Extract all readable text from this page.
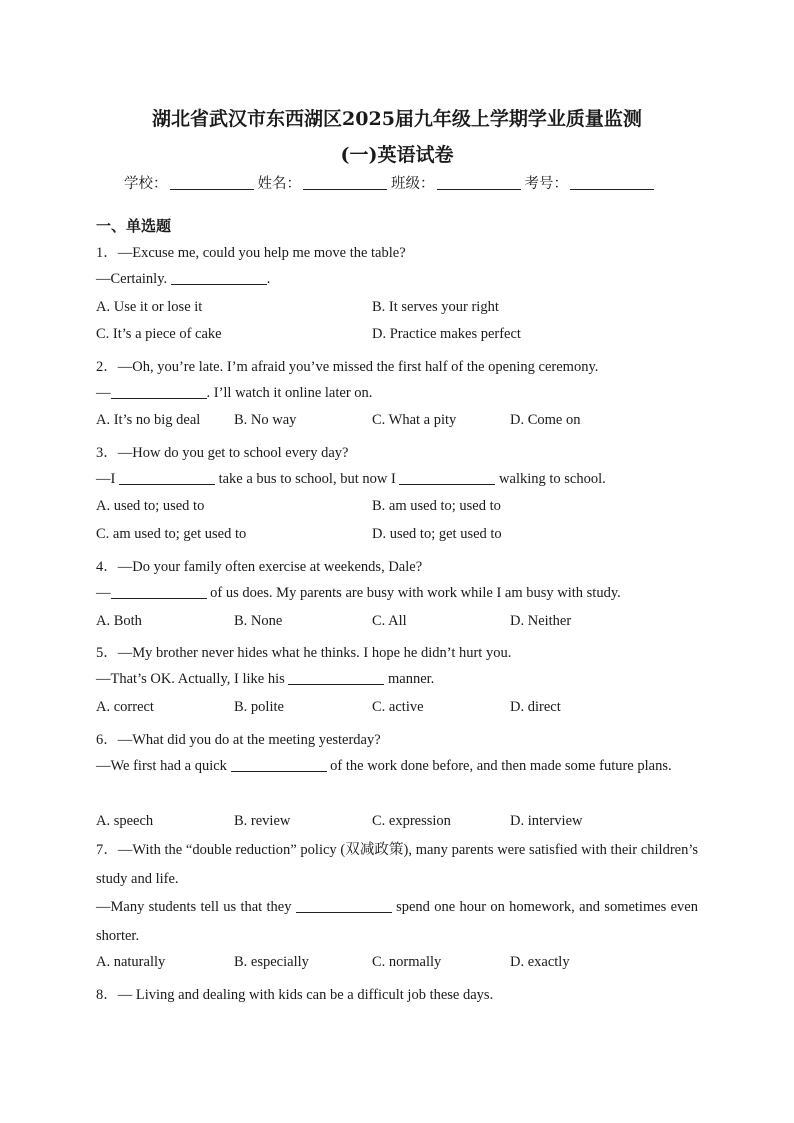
湖北省武汉市东西湖区2025届九年级上学期学业质量监测
(一)英语试卷
学校：	姓名：	班级：	考号：
一、单选题
1．—Excuse me, could you help me move the table?
—Certainly.	.
A. Use it or lose it	B. It serves your right
C. It’s a piece of cake	D. Practice makes perfect
2．—Oh, you’re late. I’m afraid you’ve missed the first half of the opening ceremony.
—	. I’ll watch it online later on.
A. It’s no big deal B. No way	C. What a pity	D. Come on
3．—How do you get to school every day?
—I	take a bus to school, but now I	walking to school.
A. used to; used to	B. am used to; used to
C. am used to; get used to	D. used to; get used to
4．—Do your family often exercise at weekends, Dale?
—	of us does. My parents are busy with work while I am busy with study.
A. Both	B. None	C. All	D. Neither
5．—My brother never hides what he thinks. I hope he didn’t hurt you.
—That’s OK. Actually, I like his	manner.
A. correct	B. polite	C. active	D. direct
6．—What did you do at the meeting yesterday?
—We first had a quick	of the work done before, and then made some future plans.
A. speech	B. review	C. expression	D. interview
7．—With the “double reduction” policy (双减政策), many parents were satisfied with their children’s study and life.
—Many students tell us that they	spend one hour on homework, and sometimes even shorter.
A. naturally	B. especially	C. normally	D. exactly
8．— Living and dealing with kids can be a difficult job these days.
